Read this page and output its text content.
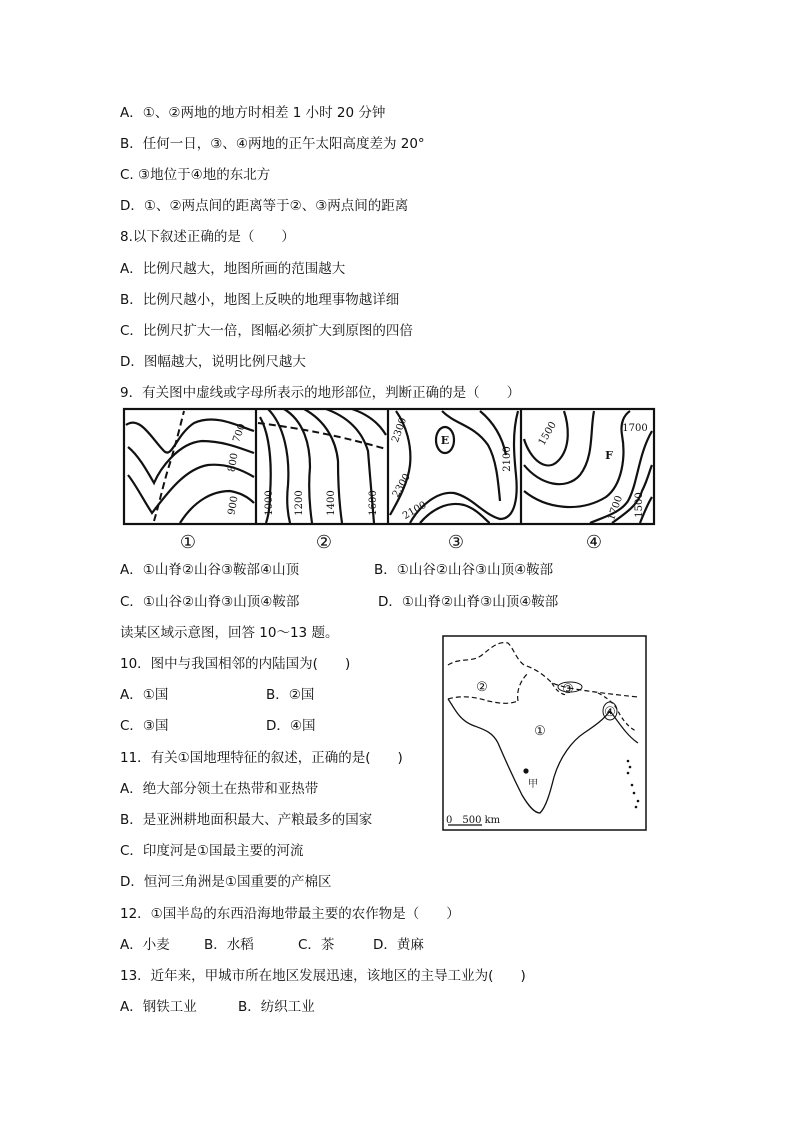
A．①、②两地的地方时相差 1 小时 20 分钟
B．任何一日，③、④两地的正午太阳高度差为 20°
C. ③地位于④地的东北方
D．①、②两点间的距离等于②、③两点间的距离
8.以下叙述正确的是（　　）
A．比例尺越大，地图所画的范围越大
B．比例尺越小，地图上反映的地理事物越详细
C．比例尺扩大一倍，图幅必须扩大到原图的四倍
D．图幅越大，说明比例尺越大
9．有关图中虚线或字母所表示的地形部位，判断正确的是（　　）
①	②	③	④
700
800
900 1000 1200 1400	1600
2300
2300
2100
2100
1500	1700
1500
1700
E
F
A．①山脊②山谷③鞍部④山顶	B．①山谷②山谷③山顶④鞍部
C．①山谷②山脊③山顶④鞍部	D．①山脊②山脊③山顶④鞍部
读某区域示意图，回答 10～13 题。
①
②	③
④
甲
0　500 km
10．图中与我国相邻的内陆国为(　　)
A．①国	B．②国
C．③国	D．④国
11．有关①国地理特征的叙述，正确的是(　　)
A．绝大部分领土在热带和亚热带
B．是亚洲耕地面积最大、产粮最多的国家
C．印度河是①国最主要的河流
D．恒河三角洲是①国重要的产棉区
12．①国半岛的东西沿海地带最主要的农作物是（　　）
A．小麦	B．水稻	C．茶	D．黄麻
13．近年来，甲城市所在地区发展迅速，该地区的主导工业为(　　)
A．钢铁工业	B．纺织工业
